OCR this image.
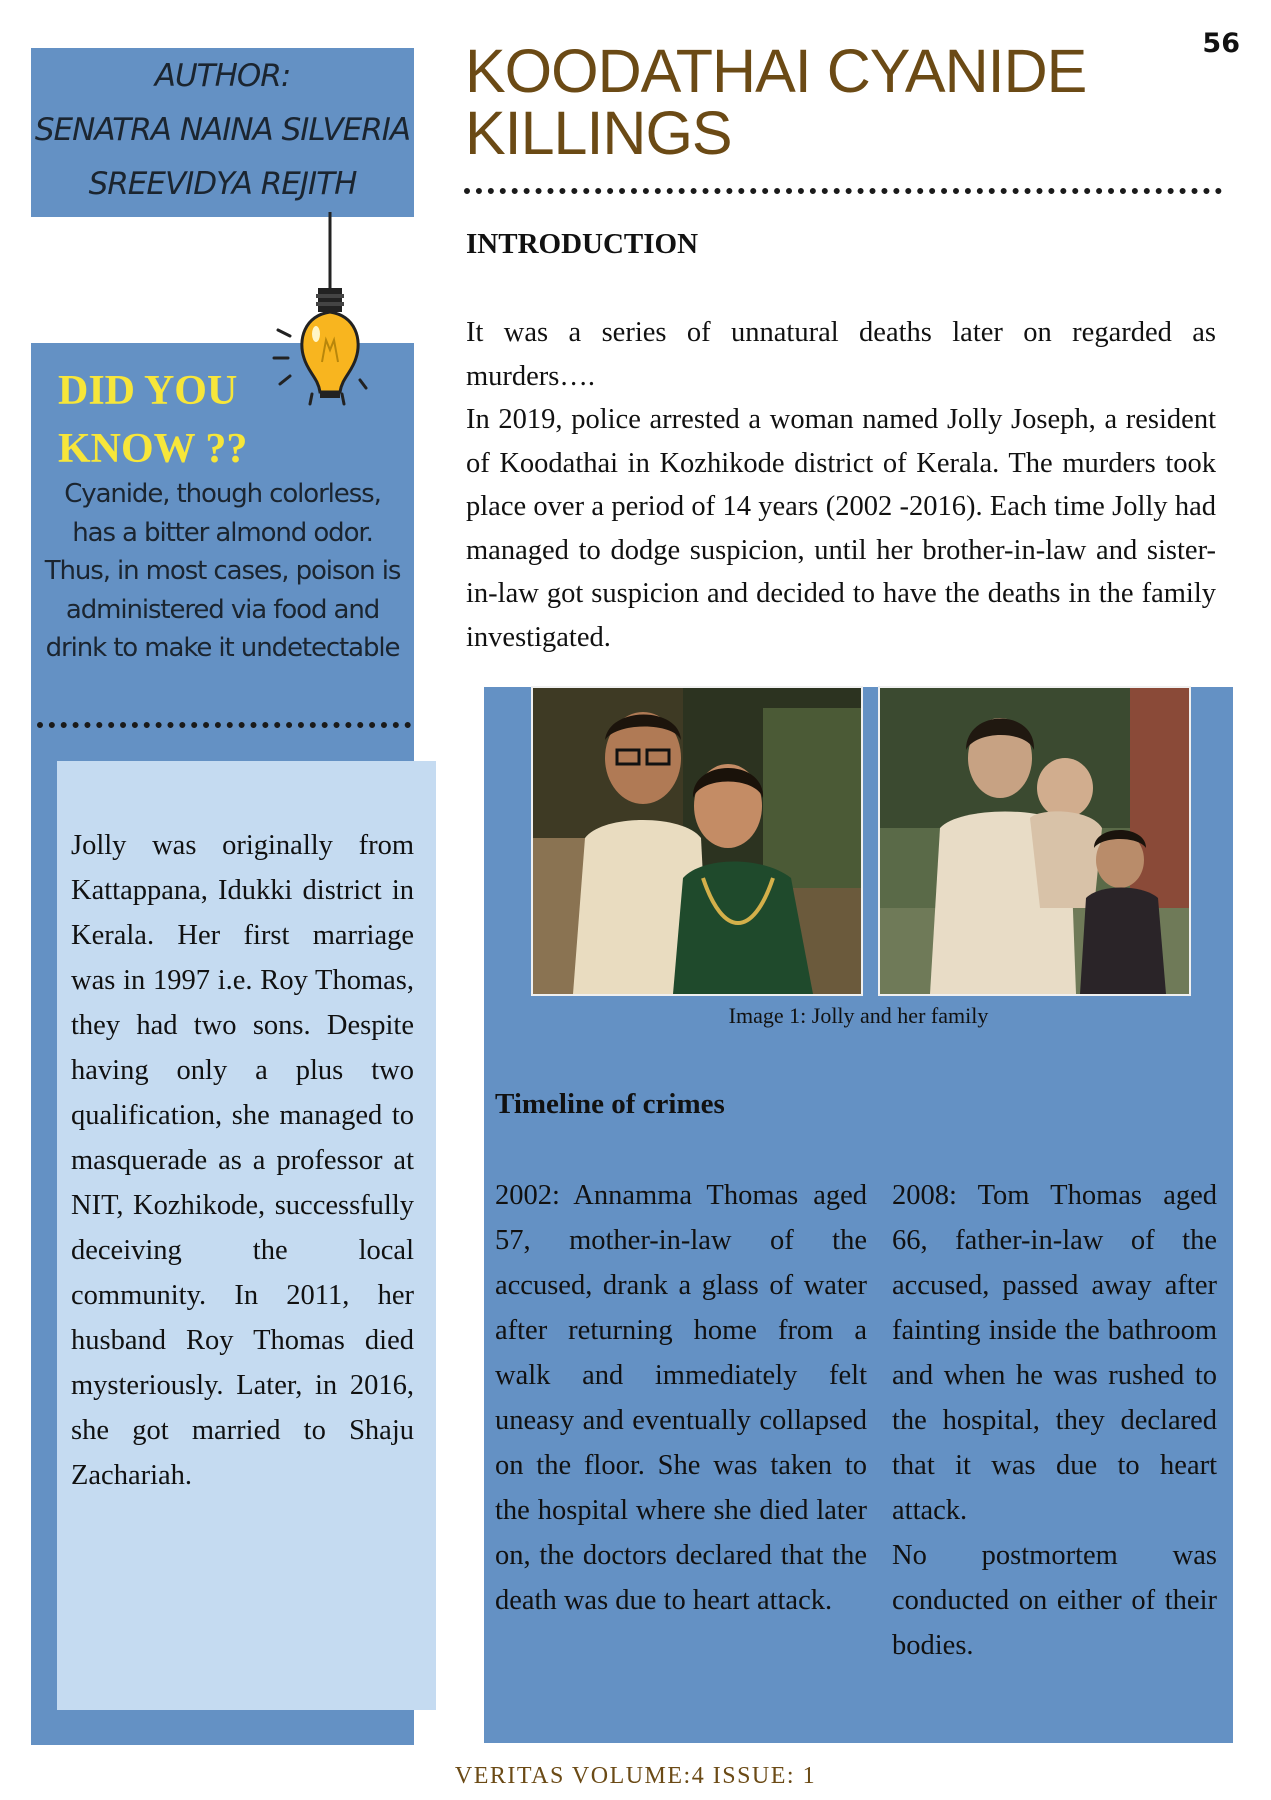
56
AUTHOR:
SENATRA NAINA SILVERIA
SREEVIDYA REJITH
DID YOU KNOW ??
Cyanide, though colorless, has a bitter almond odor. Thus, in most cases, poison is administered via food and drink to make it undetectable
Jolly was originally from Kattappana, Idukki district in Kerala. Her first marriage was in 1997 i.e. Roy Thomas, they had two sons. Despite having only a plus two qualification, she managed to masquerade as a professor at NIT, Kozhikode, successfully deceiving the local community. In 2011, her husband Roy Thomas died mysteriously. Later, in 2016, she got married to Shaju Zachariah.
KOODATHAI CYANIDE KILLINGS
INTRODUCTION

It was a series of unnatural deaths later on regarded as murders….

In 2019, police arrested a woman named Jolly Joseph, a resident of Koodathai in Kozhikode district of Kerala. The murders took place over a period of 14 years (2002 -2016). Each time Jolly had managed to dodge suspicion, until her brother-in-law and sister-in-law got suspicion and decided to have the deaths in the family investigated.

Image 1: Jolly and her family
Timeline of crimes

2002: Annamma Thomas aged 57, mother-in-law of the accused, drank a glass of water after returning home from a walk and immediately felt uneasy and eventually collapsed on the floor. She was taken to the hospital where she died later on, the doctors declared that the death was due to heart attack.

2008: Tom Thomas aged 66, father-in-law of the accused, passed away after fainting inside the bathroom and when he was rushed to the hospital, they declared that it was due to heart attack.

No postmortem was conducted on either of their bodies.

VERITAS VOLUME:4 ISSUE: 1
